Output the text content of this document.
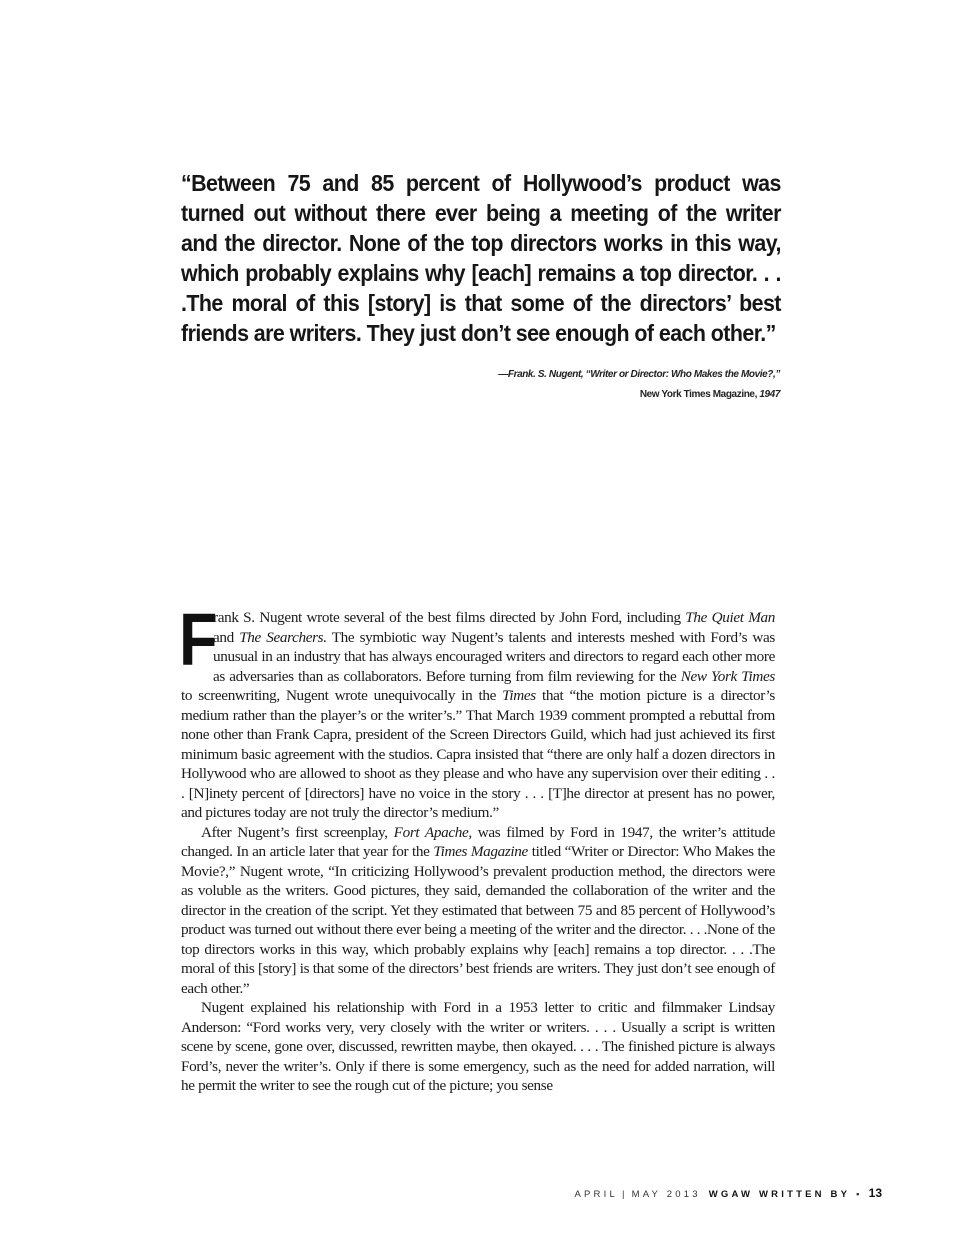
“Between 75 and 85 percent of Hollywood’s product was turned out without there ever being a meeting of the writer and the director. None of the top directors works in this way, which probably explains why [each] remains a top director. . . .The moral of this [story] is that some of the directors’ best friends are writers. They just don’t see enough of each other.”
—Frank. S. Nugent, “Writer or Director: Who Makes the Movie?,”
New York Times Magazine, 1947

F
rank S. Nugent wrote several of the best films directed by John Ford, including The Quiet Man and The Searchers. The symbiotic way Nugent’s talents and interests meshed with Ford’s was unusual in an industry that has always encouraged writers and directors to regard each other more as adversaries than as collaborators. Before turning from film reviewing for the New York Times to screenwriting, Nugent wrote unequivocally in the Times that “the motion picture is a director’s medium rather than the player’s or the writer’s.” That March 1939 comment prompted a rebuttal from none other than Frank Capra, president of the Screen Directors Guild, which had just achieved its first minimum basic agreement with the studios. Capra insisted that “there are only half a dozen directors in Hollywood who are allowed to shoot as they please and who have any supervision over their editing . . . [N]inety percent of [directors] have no voice in the story . . . [T]he director at present has no power, and pictures today are not truly the director’s medium.”

After Nugent’s first screenplay, Fort Apache, was filmed by Ford in 1947, the writer’s attitude changed. In an article later that year for the Times Magazine titled “Writer or Director: Who Makes the Movie?,” Nugent wrote, “In criticizing Hollywood’s prevalent production method, the directors were as voluble as the writers. Good pictures, they said, demanded the collaboration of the writer and the director in the creation of the script. Yet they estimated that between 75 and 85 percent of Hollywood’s product was turned out without there ever being a meeting of the writer and the director. . . .None of the top directors works in this way, which probably explains why [each] remains a top director. . . .The moral of this [story] is that some of the directors’ best friends are writers. They just don’t see enough of each other.”

Nugent explained his relationship with Ford in a 1953 letter to critic and filmmaker Lindsay Anderson: “Ford works very, very closely with the writer or writers. . . . Usually a script is written scene by scene, gone over, discussed, rewritten maybe, then okayed. . . . The finished picture is always Ford’s, never the writer’s. Only if there is some emergency, such as the need for added narration, will he permit the writer to see the rough cut of the picture; you sense

APRIL | MAY 2013 WGAW WRITTEN BY • 13
